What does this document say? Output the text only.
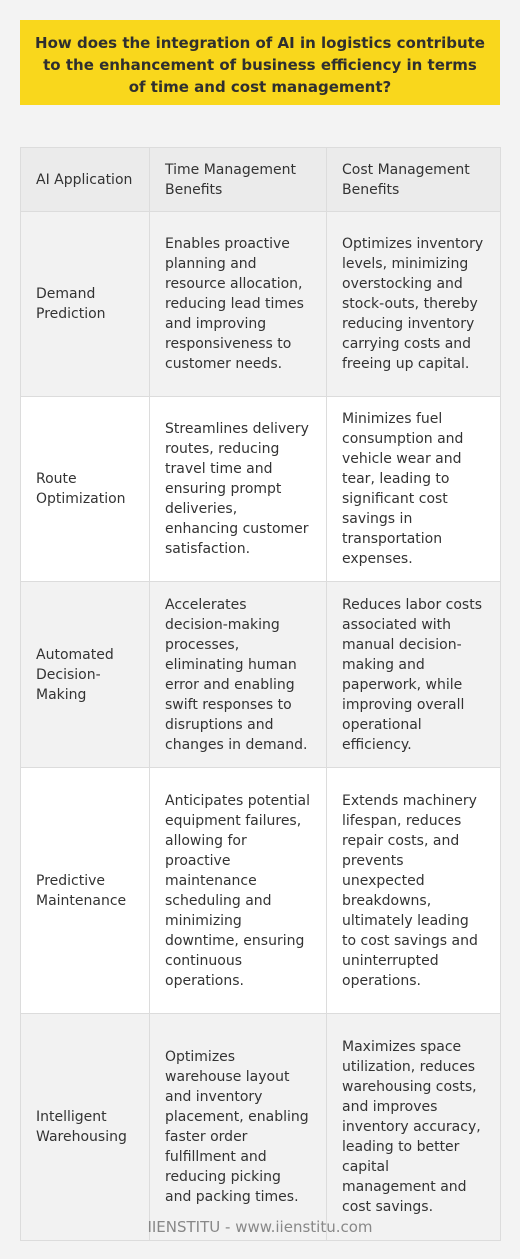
How does the integration of AI in logistics contribute to the enhancement of business efficiency in terms of time and cost management?
AI Application	Time Management Benefits	Cost Management Benefits
Demand Prediction	Enables proactive planning and resource allocation, reducing lead times and improving responsiveness to customer needs.	Optimizes inventory levels, minimizing overstocking and stock-outs, thereby reducing inventory carrying costs and freeing up capital.
Route Optimization	Streamlines delivery routes, reducing travel time and ensuring prompt deliveries, enhancing customer satisfaction.	Minimizes fuel consumption and vehicle wear and tear, leading to significant cost savings in transportation expenses.
Automated Decision-Making	Accelerates decision-making processes, eliminating human error and enabling swift responses to disruptions and changes in demand.	Reduces labor costs associated with manual decision-making and paperwork, while improving overall operational efficiency.
Predictive Maintenance	Anticipates potential equipment failures, allowing for proactive maintenance scheduling and minimizing downtime, ensuring continuous operations.	Extends machinery lifespan, reduces repair costs, and prevents unexpected breakdowns, ultimately leading to cost savings and uninterrupted operations.
Intelligent Warehousing	Optimizes warehouse layout and inventory placement, enabling faster order fulfillment and reducing picking and packing times.	Maximizes space utilization, reduces warehousing costs, and improves inventory accuracy, leading to better capital management and cost savings.
IIENSTITU - www.iienstitu.com
